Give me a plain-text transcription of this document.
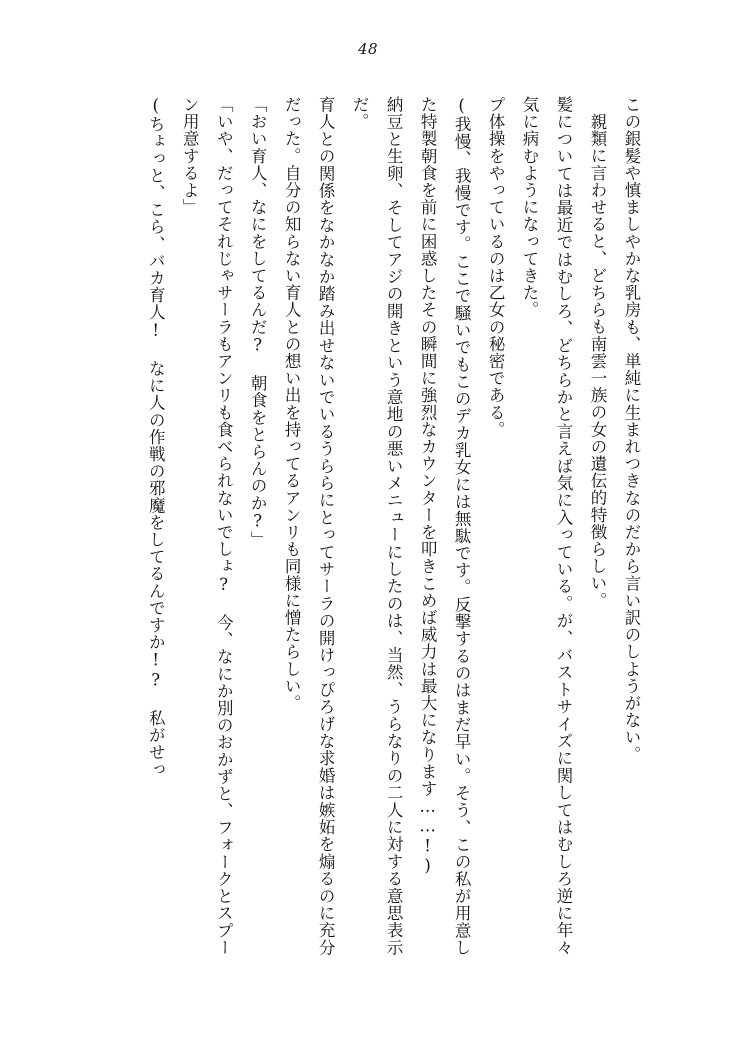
48
この銀髪や慎ましやかな乳房も、単純に生まれつきなのだから言い訳のしようがない。
親類に言わせると、どちらも南雲一族の女の遺伝的特徴らしい。
髪については最近ではむしろ、どちらかと言えば気に入っている。が、バストサイズに関してはむしろ逆に年々気に病むようになってきた。
プ体操をやっているのは乙女の秘密である。
(我慢、我慢です。ここで騒いでもこのデカ乳女には無駄です。反撃するのはまだ早い。そう、この私が用意した特製朝食を前に困惑したその瞬間に強烈なカウンターを叩きこめば威力は最大になります……!)
納豆と生卵、そしてアジの開きという意地の悪いメニューにしたのは、当然、うらなりの二人に対する意思表示だ。
育人との関係をなかなか踏み出せないでいるうららにとってサーラの開けっぴろげな求婚は嫉妬を煽るのに充分だった。自分の知らない育人との想い出を持ってるアンリも同様に憎たらしい。
「おい育人、なにをしてるんだ? 朝食をとらんのか?」
「いや、だってそれじゃサーラもアンリも食べられないでしょ? 今、なにか別のおかずと、フォークとスプーン用意するよ」
(ちょっと、こら、バカ育人! なに人の作戦の邪魔をしてるんですか!? 私がせっ
